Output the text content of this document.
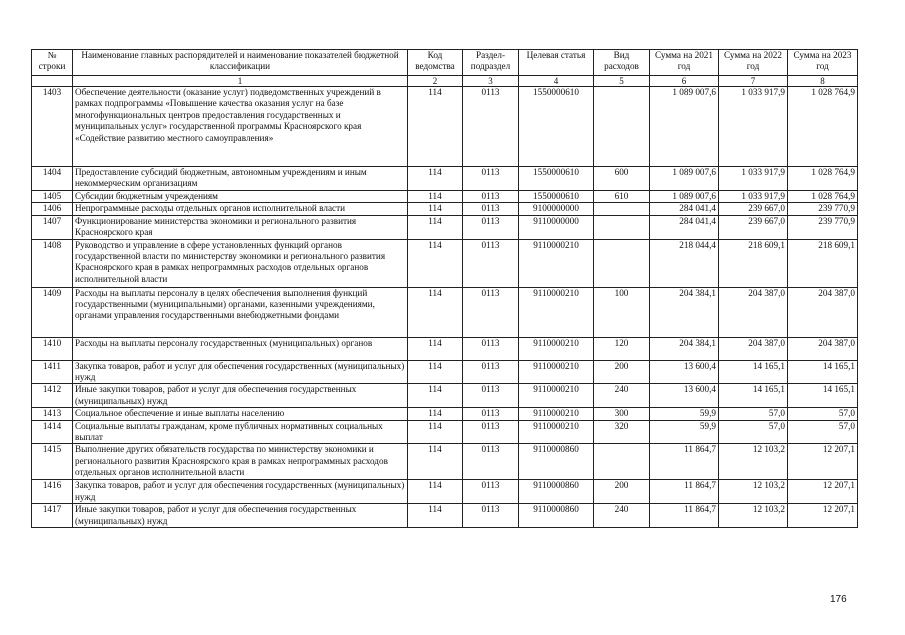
№ строки	Наименование главных распорядителей и наименование показателей бюджетной классификации	Код ведомства	Раздел-подраздел	Целевая статья	Вид расходов	Сумма на 2021 год	Сумма на 2022 год	Сумма на 2023 год
	1	2	3	4	5	6	7	8
1403	Обеспечение деятельности (оказание услуг) подведомственных учреждений в рамках подпрограммы «Повышение качества оказания услуг на базе многофункциональных центров предоставления государственных и муниципальных услуг» государственной программы Красноярского края «Содействие развитию местного самоуправления»	114	0113	1550000610		1 089 007,6	1 033 917,9	1 028 764,9
1404	Предоставление субсидий бюджетным, автономным учреждениям и иным некоммерческим организациям	114	0113	1550000610	600	1 089 007,6	1 033 917,9	1 028 764,9
1405	Субсидии бюджетным учреждениям	114	0113	1550000610	610	1 089 007,6	1 033 917,9	1 028 764,9
1406	Непрограммные расходы отдельных органов исполнительной власти	114	0113	9100000000		284 041,4	239 667,0	239 770,9
1407	Функционирование министерства экономики и регионального развития Красноярского края	114	0113	9110000000		284 041,4	239 667,0	239 770,9
1408	Руководство и управление в сфере установленных функций органов государственной власти по министерству экономики и регионального развития Красноярского края в рамках непрограммных расходов отдельных органов исполнительной власти	114	0113	9110000210		218 044,4	218 609,1	218 609,1
1409	Расходы на выплаты персоналу в целях обеспечения выполнения функций государственными (муниципальными) органами, казенными учреждениями, органами управления государственными внебюджетными фондами	114	0113	9110000210	100	204 384,1	204 387,0	204 387,0
1410	Расходы на выплаты персоналу государственных (муниципальных) органов	114	0113	9110000210	120	204 384,1	204 387,0	204 387,0
1411	Закупка товаров, работ и услуг для обеспечения государственных (муниципальных) нужд	114	0113	9110000210	200	13 600,4	14 165,1	14 165,1
1412	Иные закупки товаров, работ и услуг для обеспечения государственных (муниципальных) нужд	114	0113	9110000210	240	13 600,4	14 165,1	14 165,1
1413	Социальное обеспечение и иные выплаты населению	114	0113	9110000210	300	59,9	57,0	57,0
1414	Социальные выплаты гражданам, кроме публичных нормативных социальных выплат	114	0113	9110000210	320	59,9	57,0	57,0
1415	Выполнение других обязательств государства по министерству экономики и регионального развития Красноярского края в рамках непрограммных расходов отдельных органов исполнительной власти	114	0113	9110000860		11 864,7	12 103,2	12 207,1
1416	Закупка товаров, работ и услуг для обеспечения государственных (муниципальных) нужд	114	0113	9110000860	200	11 864,7	12 103,2	12 207,1
1417	Иные закупки товаров, работ и услуг для обеспечения государственных (муниципальных) нужд	114	0113	9110000860	240	11 864,7	12 103,2	12 207,1
176
